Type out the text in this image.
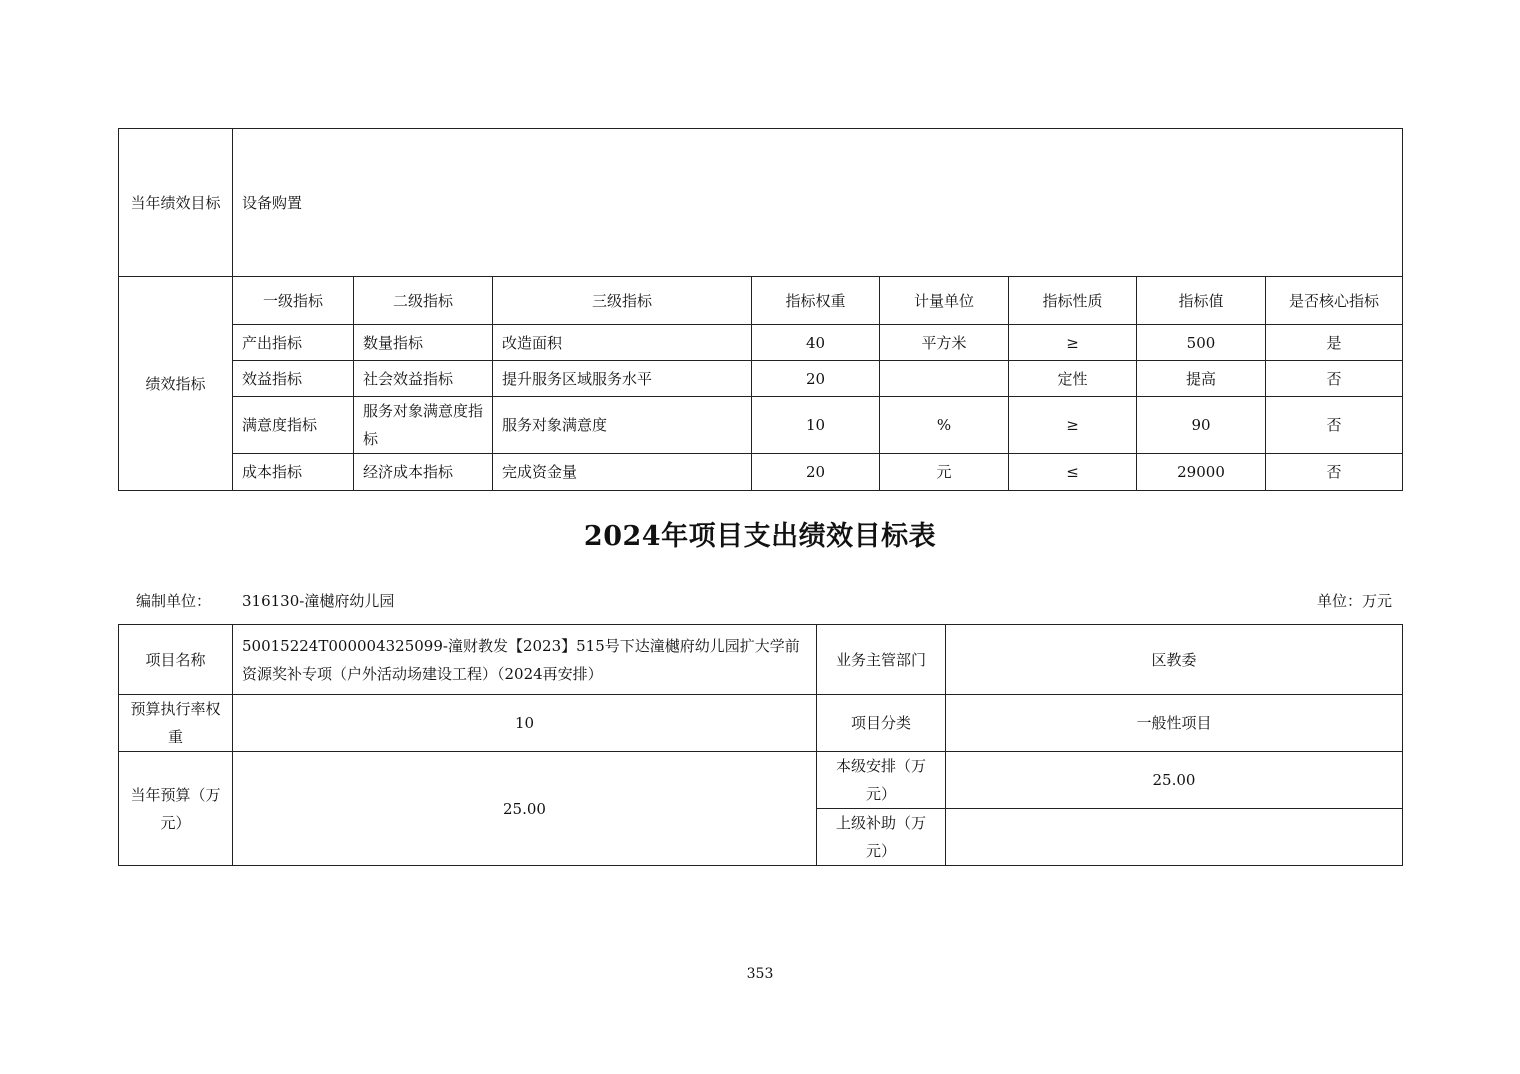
当年绩效目标	设备购置							
绩效指标	一级指标	二级指标	三级指标	指标权重	计量单位	指标性质	指标值	是否核心指标
	产出指标	数量指标	改造面积	40	平方米	≥	500	是
	效益指标	社会效益指标	提升服务区域服务水平	20		定性	提高	否
	满意度指标	服务对象满意度指标	服务对象满意度	10	%	≥	90	否
	成本指标	经济成本指标	完成资金量	20	元	≤	29000	否
2024年项目支出绩效目标表
编制单位： 316130-潼樾府幼儿园	单位：万元
项目名称	50015224T000004325099-潼财教发【2023】515号下达潼樾府幼儿园扩大学前资源奖补专项（户外活动场建设工程）（2024再安排）	业务主管部门	区教委
预算执行率权重	10	项目分类	一般性项目
当年预算（万元）	25.00	本级安排（万元）	25.00
		上级补助（万元）	
353
